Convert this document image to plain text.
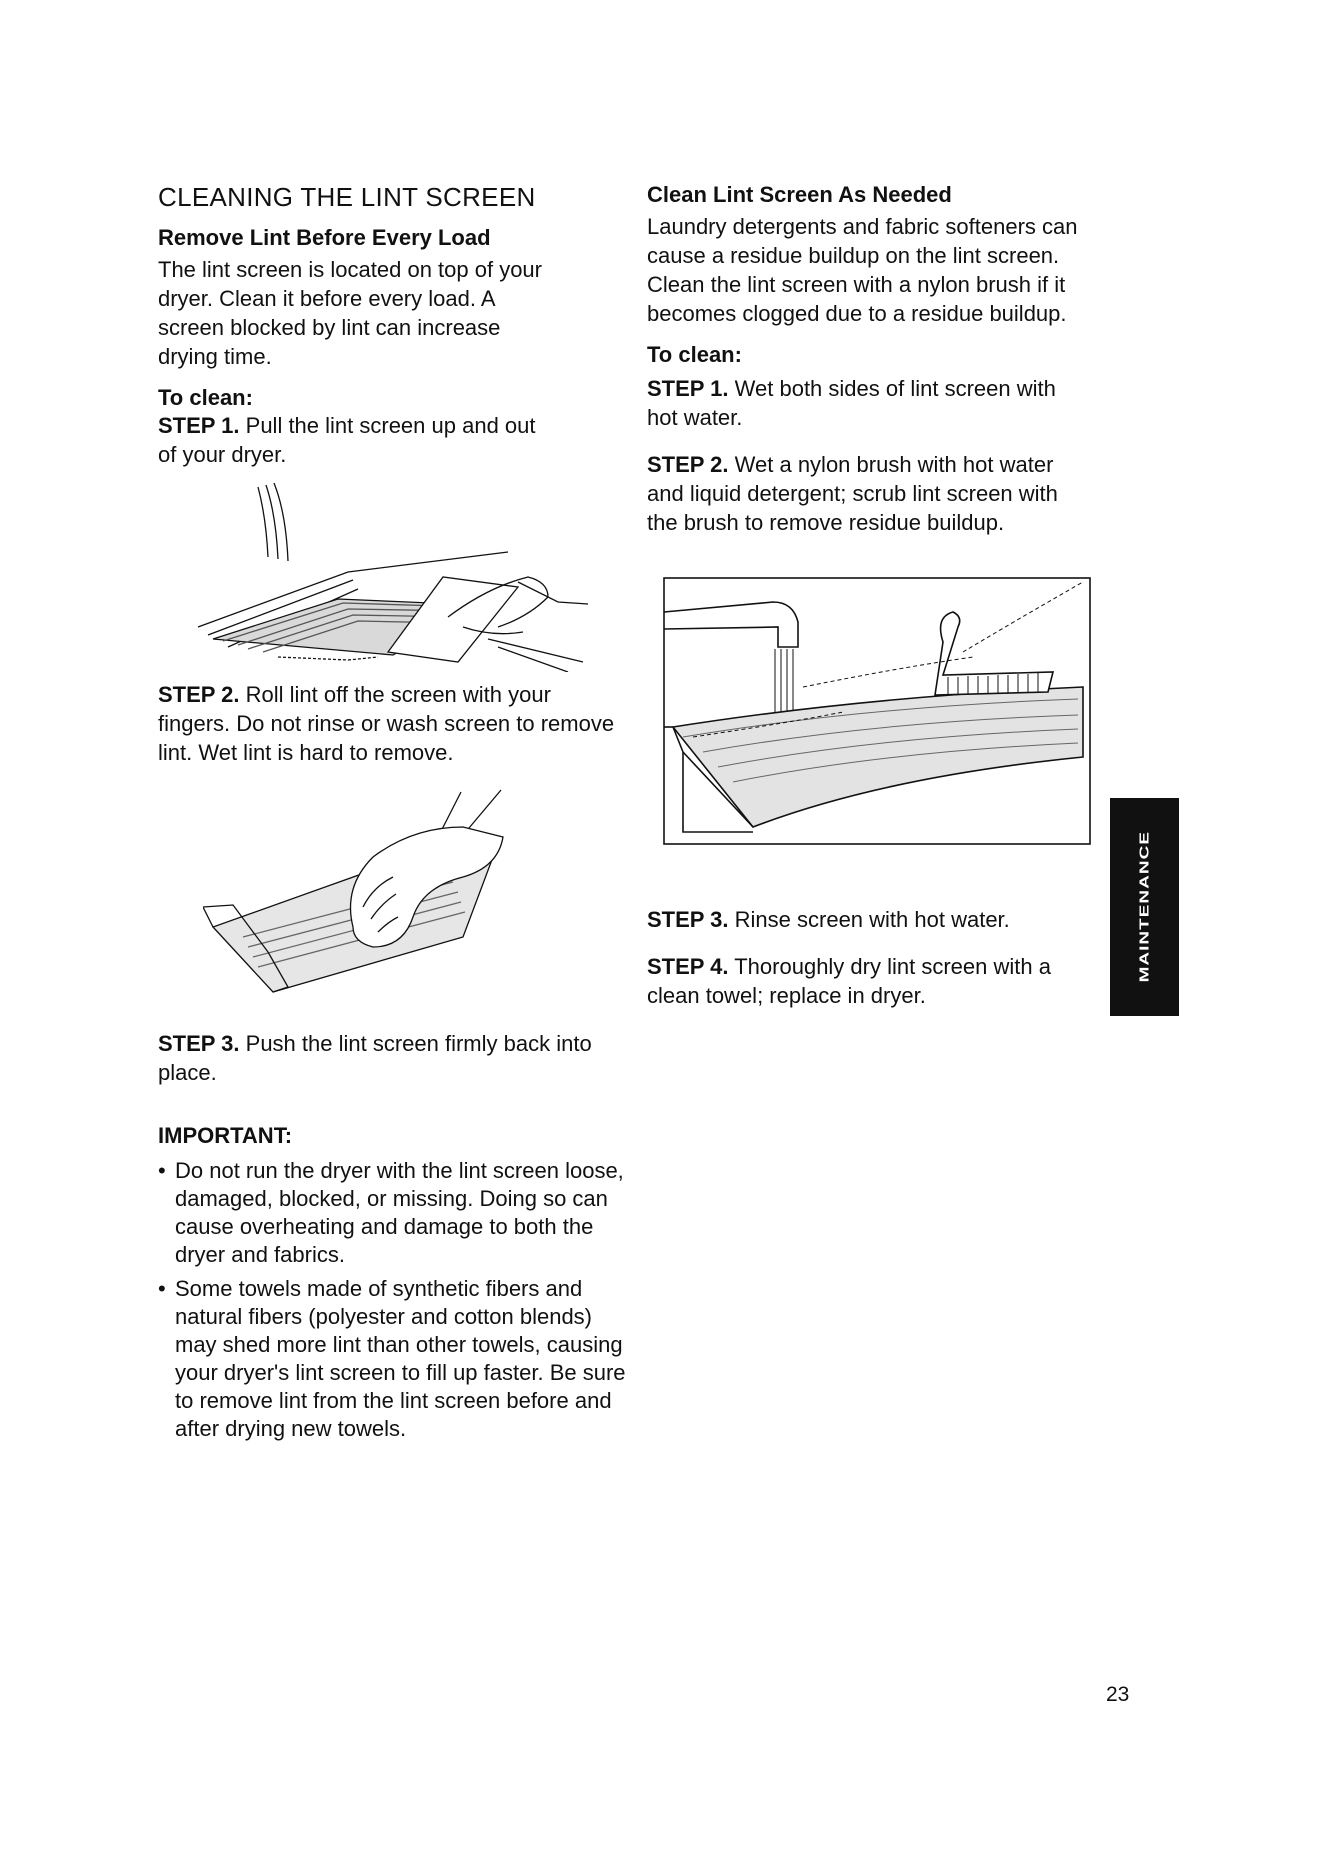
CLEANING THE LINT SCREEN
Remove Lint Before Every Load

The lint screen is located on top of your dryer. Clean it before every load. A screen blocked by lint can increase drying time.

To clean:

STEP 1. Pull the lint screen up and out of your dryer.

STEP 2. Roll lint off the screen with your fingers. Do not rinse or wash screen to remove lint. Wet lint is hard to remove.

STEP 3. Push the lint screen firmly back into place.

IMPORTANT:
• Do not run the dryer with the lint screen loose, damaged, blocked, or missing. Doing so can cause overheating and damage to both the dryer and fabrics.
• Some towels made of synthetic fibers and natural fibers (polyester and cotton blends) may shed more lint than other towels, causing your dryer's lint screen to fill up faster. Be sure to remove lint from the lint screen before and after drying new towels.
Clean Lint Screen As Needed

Laundry detergents and fabric softeners can cause a residue buildup on the lint screen. Clean the lint screen with a nylon brush if it becomes clogged due to a residue buildup.

To clean:

STEP 1. Wet both sides of lint screen with hot water.

STEP 2. Wet a nylon brush with hot water and liquid detergent; scrub lint screen with the brush to remove residue buildup.

STEP 3. Rinse screen with hot water.

STEP 4. Thoroughly dry lint screen with a clean towel; replace in dryer.

MAINTENANCE
23
